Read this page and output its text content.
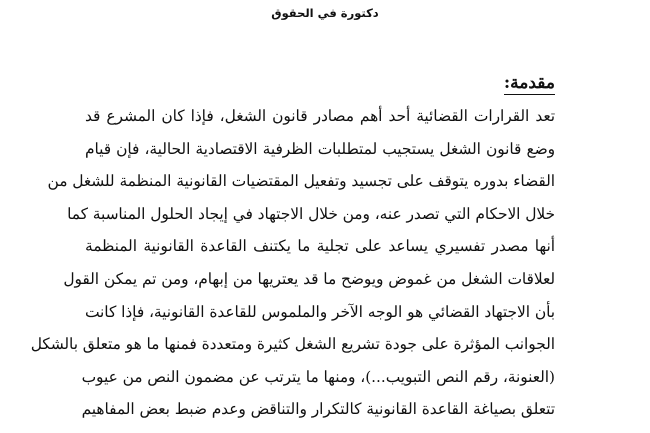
دكتورة في الحقوق
مقدمة:
تعد القرارات القضائية أحد أهم مصادر قانون الشغل، فإذا كان المشرع قد
وضع قانون الشغل يستجيب لمتطلبات الظرفية الاقتصادية الحالية، فإن قيام
القضاء بدوره يتوقف على تجسيد وتفعيل المقتضيات القانونية المنظمة للشغل من
خلال الاحكام التي تصدر عنه، ومن خلال الاجتهاد في إيجاد الحلول المناسبة كما
أنها مصدر تفسيري يساعد على تجلية ما يكتنف القاعدة القانونية المنظمة
لعلاقات الشغل من غموض ويوضح ما قد يعتريها من إبهام، ومن تم يمكن القول
بأن الاجتهاد القضائي هو الوجه الآخر والملموس للقاعدة القانونية، فإذا كانت
الجوانب المؤثرة على جودة تشريع الشغل كثيرة ومتعددة فمنها ما هو متعلق بالشكل
(العنونة، رقم النص التبويب...)، ومنها ما يترتب عن مضمون النص من عيوب
تتعلق بصياغة القاعدة القانونية كالتكرار والتناقض وعدم ضبط بعض المفاهيم
